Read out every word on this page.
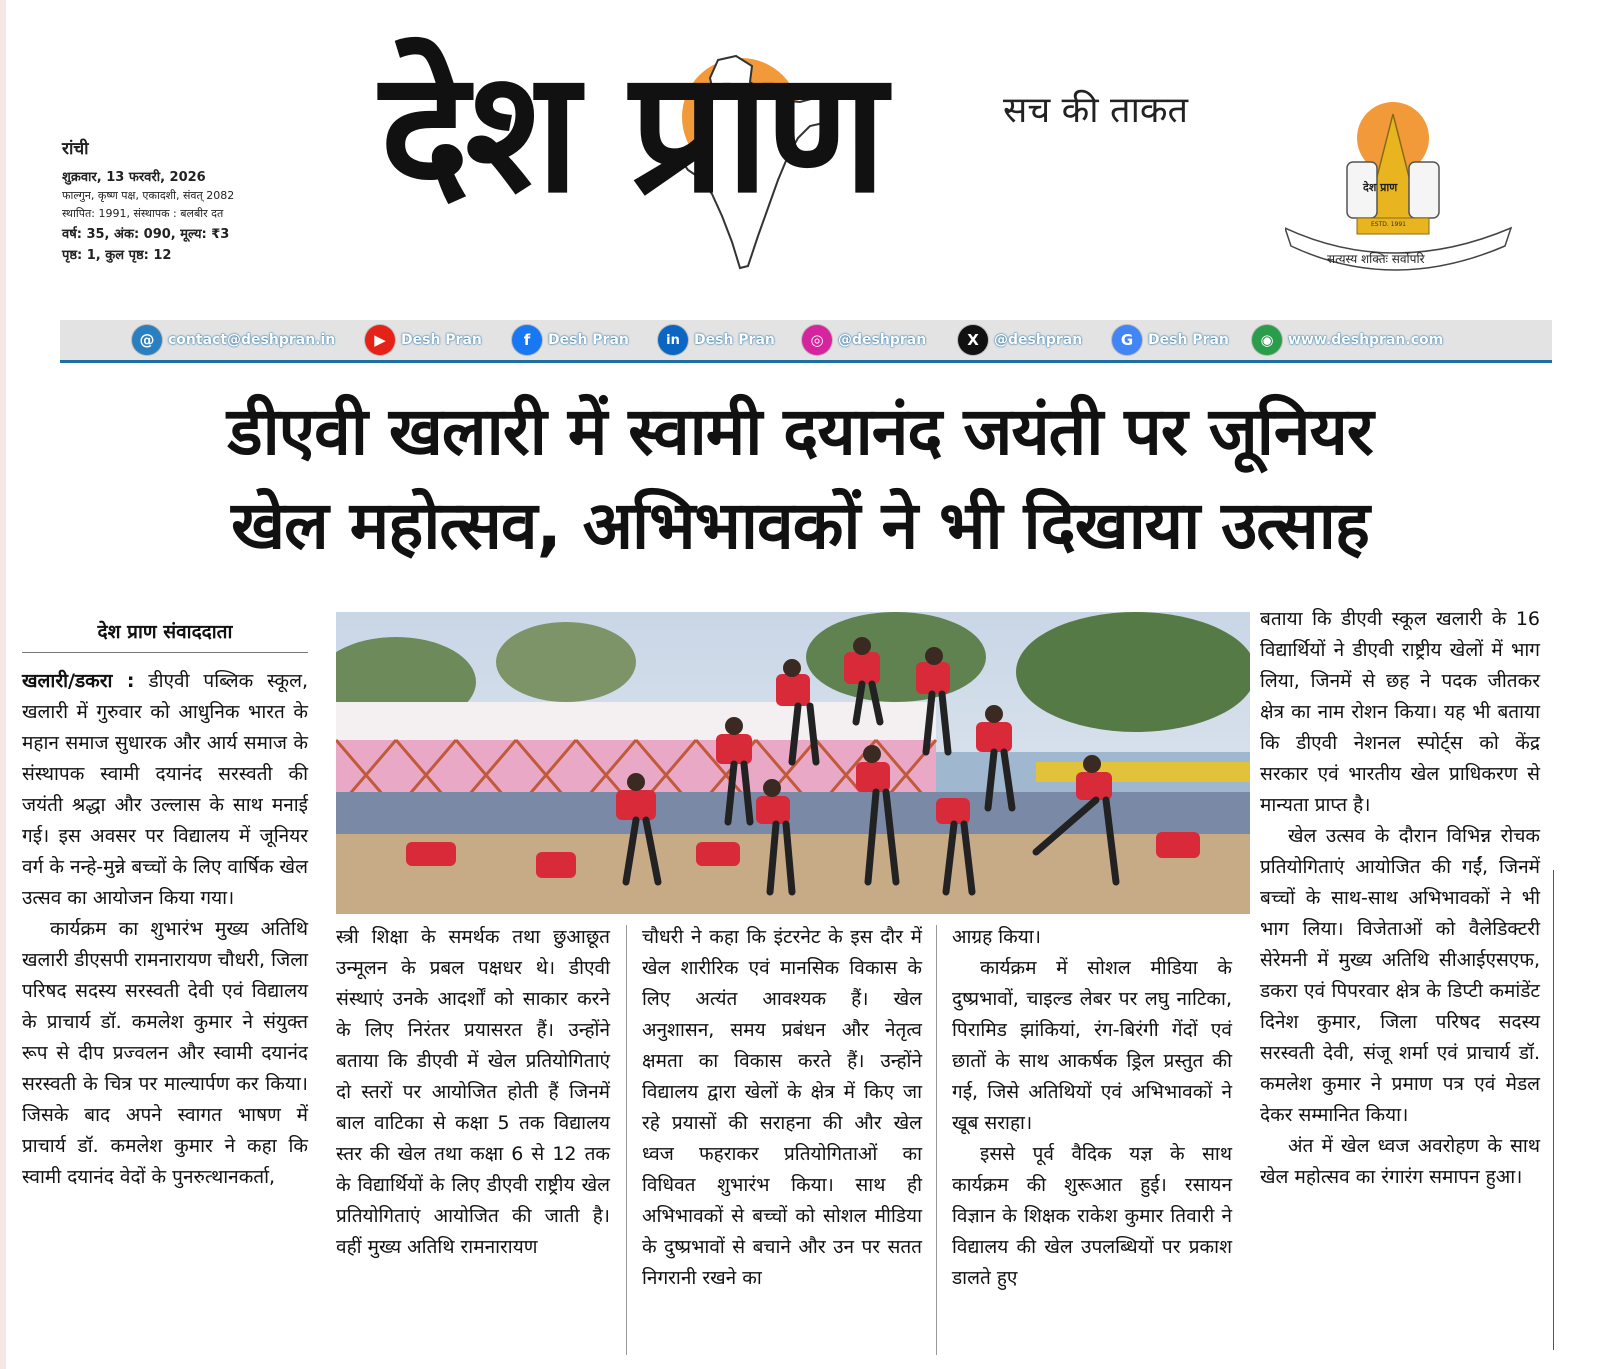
रांची
शुक्रवार, 13 फरवरी, 2026
फाल्गुन, कृष्ण पक्ष, एकादशी, संवत् 2082
स्थापित: 1991, संस्थापक : बलबीर दत
वर्ष: 35, अंक: 090, मूल्य: ₹3
पृष्ठ: 1, कुल पृष्ठ: 12
देश प्राण	सच की ताकत
देश प्राण
ESTD. 1991
सत्यस्य शक्तिः सर्वोपरि
@ contact@deshpran.in	▶	Desh Pran	f	Desh Pran	in	Desh Pran	◎	@deshpran	X	@deshpran	G	Desh Pran	◉	www.deshpran.com
डीएवी खलारी में स्वामी दयानंद जयंती पर जूनियर
खेल महोत्सव, अभिभावकों ने भी दिखाया उत्साह
देश प्राण संवाददाता

खलारी/डकरा : डीएवी पब्लिक स्कूल, खलारी में गुरुवार को आधुनिक भारत के महान समाज सुधारक और आर्य समाज के संस्थापक स्वामी दयानंद सरस्वती की जयंती श्रद्धा और उल्लास के साथ मनाई गई। इस अवसर पर विद्यालय में जूनियर वर्ग के नन्हे-मुन्ने बच्चों के लिए वार्षिक खेल उत्सव का आयोजन किया गया।

कार्यक्रम का शुभारंभ मुख्य अतिथि खलारी डीएसपी रामनारायण चौधरी, जिला परिषद सदस्य सरस्वती देवी एवं विद्यालय के प्राचार्य डॉ. कमलेश कुमार ने संयुक्त रूप से दीप प्रज्वलन और स्वामी दयानंद सरस्वती के चित्र पर माल्यार्पण कर किया। जिसके बाद अपने स्वागत भाषण में प्राचार्य डॉ. कमलेश कुमार ने कहा कि स्वामी दयानंद वेदों के पुनरुत्थानकर्ता,

स्त्री शिक्षा के समर्थक तथा छुआछूत उन्मूलन के प्रबल पक्षधर थे। डीएवी संस्थाएं उनके आदर्शों को साकार करने के लिए निरंतर प्रयासरत हैं। उन्होंने बताया कि डीएवी में खेल प्रतियोगिताएं दो स्तरों पर आयोजित होती हैं जिनमें बाल वाटिका से कक्षा 5 तक विद्यालय स्तर की खेल तथा कक्षा 6 से 12 तक के विद्यार्थियों के लिए डीएवी राष्ट्रीय खेल प्रतियोगिताएं आयोजित की जाती है। वहीं मुख्य अतिथि रामनारायण

चौधरी ने कहा कि इंटरनेट के इस दौर में खेल शारीरिक एवं मानसिक विकास के लिए अत्यंत आवश्यक हैं। खेल अनुशासन, समय प्रबंधन और नेतृत्व क्षमता का विकास करते हैं। उन्होंने विद्यालय द्वारा खेलों के क्षेत्र में किए जा रहे प्रयासों की सराहना की और खेल ध्वज फहराकर प्रतियोगिताओं का विधिवत शुभारंभ किया। साथ ही अभिभावकों से बच्चों को सोशल मीडिया के दुष्प्रभावों से बचाने और उन पर सतत निगरानी रखने का

आग्रह किया।

कार्यक्रम में सोशल मीडिया के दुष्प्रभावों, चाइल्ड लेबर पर लघु नाटिका, पिरामिड झांकियां, रंग-बिरंगी गेंदों एवं छातों के साथ आकर्षक ड्रिल प्रस्तुत की गई, जिसे अतिथियों एवं अभिभावकों ने खूब सराहा।

इससे पूर्व वैदिक यज्ञ के साथ कार्यक्रम की शुरूआत हुई। रसायन विज्ञान के शिक्षक राकेश कुमार तिवारी ने विद्यालय की खेल उपलब्धियों पर प्रकाश डालते हुए

बताया कि डीएवी स्कूल खलारी के 16 विद्यार्थियों ने डीएवी राष्ट्रीय खेलों में भाग लिया, जिनमें से छह ने पदक जीतकर क्षेत्र का नाम रोशन किया। यह भी बताया कि डीएवी नेशनल स्पोर्ट्स को केंद्र सरकार एवं भारतीय खेल प्राधिकरण से मान्यता प्राप्त है।

खेल उत्सव के दौरान विभिन्न रोचक प्रतियोगिताएं आयोजित की गईं, जिनमें बच्चों के साथ-साथ अभिभावकों ने भी भाग लिया। विजेताओं को वैलेडिक्टरी सेरेमनी में मुख्य अतिथि सीआईएसएफ, डकरा एवं पिपरवार क्षेत्र के डिप्टी कमांडेंट दिनेश कुमार, जिला परिषद सदस्य सरस्वती देवी, संजू शर्मा एवं प्राचार्य डॉ. कमलेश कुमार ने प्रमाण पत्र एवं मेडल देकर सम्मानित किया।

अंत में खेल ध्वज अवरोहण के साथ खेल महोत्सव का रंगारंग समापन हुआ।
